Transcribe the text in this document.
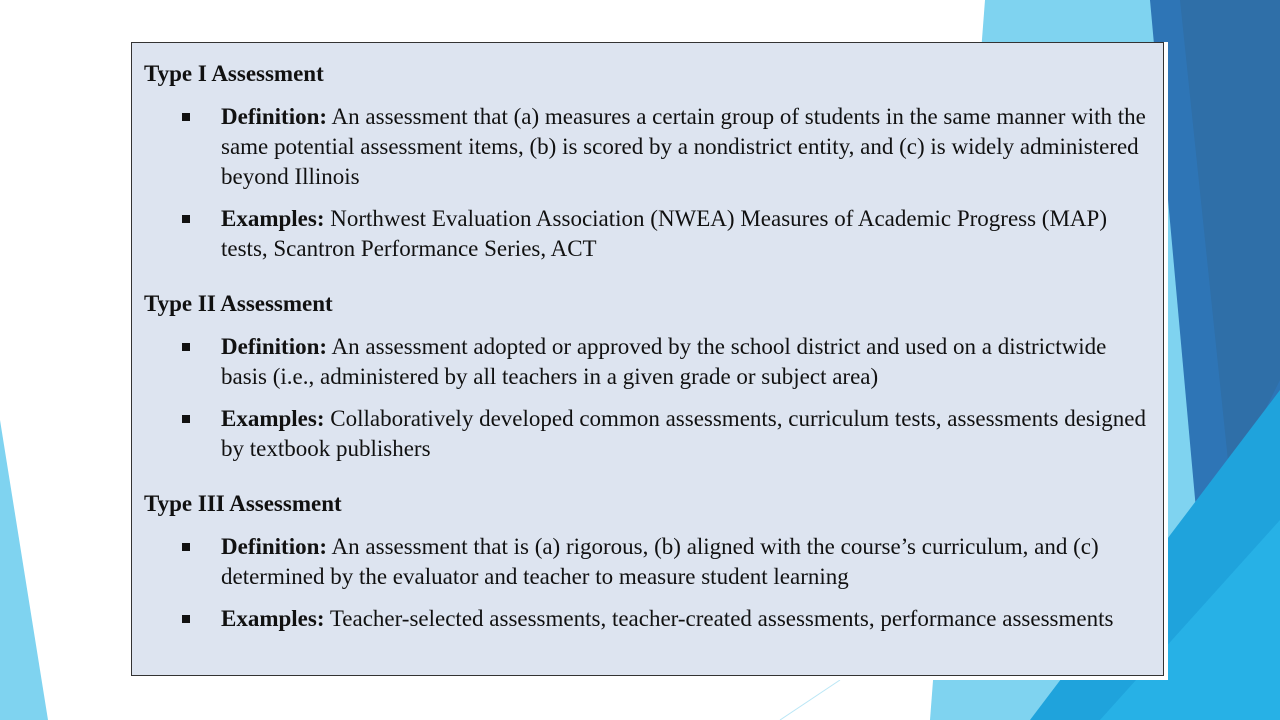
Type I Assessment

Definition: An assessment that (a) measures a certain group of students in the same manner with the same potential assessment items, (b) is scored by a nondistrict entity, and (c) is widely administered beyond Illinois
Examples: Northwest Evaluation Association (NWEA) Measures of Academic Progress (MAP) tests, Scantron Performance Series, ACT

Type II Assessment

Definition: An assessment adopted or approved by the school district and used on a districtwide basis (i.e., administered by all teachers in a given grade or subject area)
Examples: Collaboratively developed common assessments, curriculum tests, assessments designed by textbook publishers

Type III Assessment

Definition: An assessment that is (a) rigorous, (b) aligned with the course’s curriculum, and (c) determined by the evaluator and teacher to measure student learning
Examples: Teacher-selected assessments, teacher-created assessments, performance assessments
